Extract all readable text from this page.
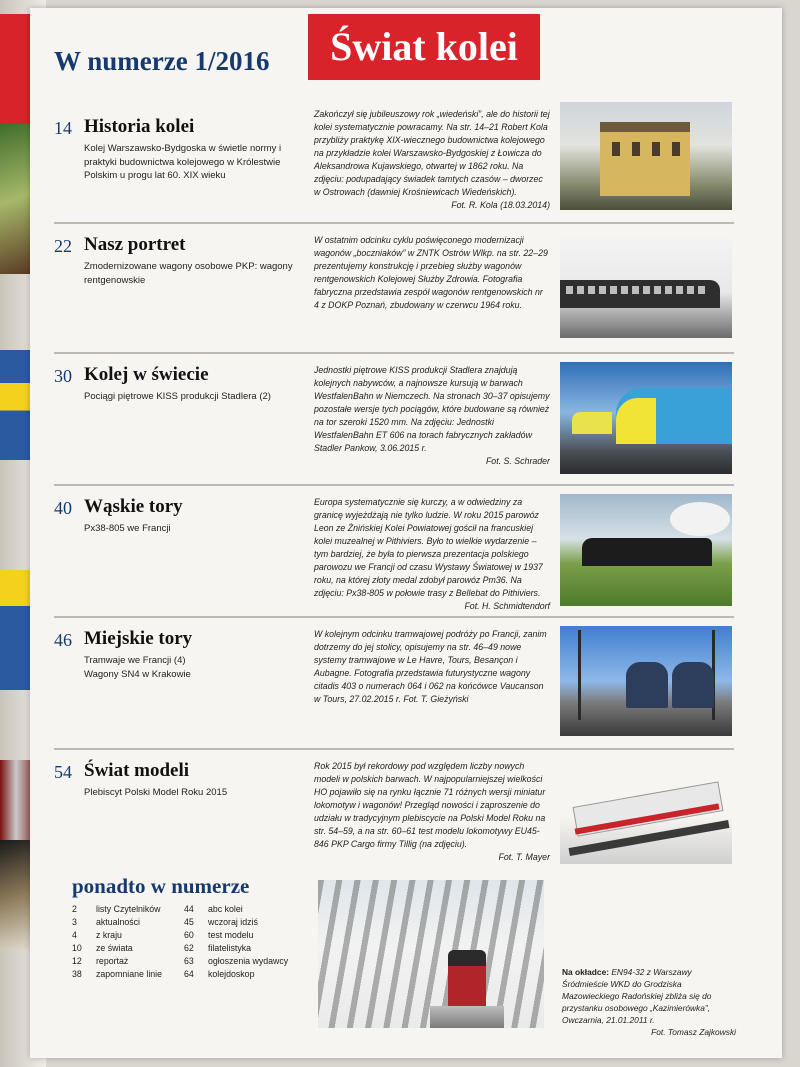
Świat kolei
W numerze 1/2016
14 Historia kolei
Kolej Warszawsko-Bydgoska w świetle normy i praktyki budownictwa kolejowego w Królestwie Polskim u progu lat 60. XIX wieku
Zakończył się jubileuszowy rok „wiedeński”, ale do historii tej kolei systematycznie powracamy. Na str. 14–21 Robert Kola przybliży praktykę XIX-wiecznego budownictwa kolejowego na przykładzie kolei Warszawsko-Bydgoskiej z Łowicza do Aleksandrowa Kujawskiego, otwartej w 1862 roku. Na zdjęciu: podupadający świadek tamtych czasów – dworzec w Ostrowach (dawniej Krośniewicach Wiedeńskich).
Fot. R. Kola (18.03.2014)
22 Nasz portret
Zmodernizowane wagony osobowe PKP: wagony rentgenowskie
W ostatnim odcinku cyklu poświęconego modernizacji wagonów „boczniaków” w ZNTK Ostrów Wlkp. na str. 22–29 prezentujemy konstrukcję i przebieg służby wagonów rentgenowskich Kolejowej Służby Zdrowia. Fotografia fabryczna przedstawia zespół wagonów rentgenowskich nr 4 z DOKP Poznań, zbudowany w czerwcu 1964 roku.
30 Kolej w świecie
Pociągi piętrowe KISS produkcji Stadlera (2)
Jednostki piętrowe KISS produkcji Stadlera znajdują kolejnych nabywców, a najnowsze kursują w barwach WestfalenBahn w Niemczech. Na stronach 30–37 opisujemy pozostałe wersje tych pociągów, które budowane są również na tor szeroki 1520 mm. Na zdjęciu: Jednostki WestfalenBahn ET 606 na torach fabrycznych zakładów Stadler Pankow, 3.06.2015 r.
Fot. S. Schrader
40 Wąskie tory
Px38-805 we Francji
Europa systematycznie się kurczy, a w odwiedziny za granicę wyjeżdżają nie tylko ludzie. W roku 2015 parowóz Leon ze Żnińskiej Kolei Powiatowej gościł na francuskiej kolei muzealnej w Pithiviers. Było to wielkie wydarzenie – tym bardziej, że była to pierwsza prezentacja polskiego parowozu we Francji od czasu Wystawy Światowej w 1937 roku, na której złoty medal zdobył parowóz Pm36. Na zdjęciu: Px38-805 w połowie trasy z Bellebat do Pithiviers.
Fot. H. Schmidtendorf
46 Miejskie tory
Tramwaje we Francji (4)
Wagony SN4 w Krakowie
W kolejnym odcinku tramwajowej podróży po Francji, zanim dotrzemy do jej stolicy, opisujemy na str. 46–49 nowe systemy tramwajowe w Le Havre, Tours, Besançon i Aubagne. Fotografia przedstawia futurystyczne wagony citadis 403 o numerach 064 i 062 na końcówce Vaucanson w Tours, 27.02.2015 r. Fot. T. Gieżyński
54 Świat modeli
Plebiscyt Polski Model Roku 2015
Rok 2015 był rekordowy pod względem liczby nowych modeli w polskich barwach. W najpopularniejszej wielkości HO pojawiło się na rynku łącznie 71 różnych wersji miniatur lokomotyw i wagonów! Przegląd nowości i zaproszenie do udziału w tradycyjnym plebiscycie na Polski Model Roku na str. 54–59, a na str. 60–61 test modelu lokomotywy EU45-846 PKP Cargo firmy Tillig (na zdjęciu).
Fot. T. Mayer
ponadto w numerze
2 listy Czytelników
3 aktualności
4 z kraju
10 ze świata
12 reportaż
38 zapomniane linie
44 abc kolei
45 wczoraj idziś
60 test modelu
62 filatelistyka
63 ogłoszenia wydawcy
64 kolejdoskop	Na okładce: EN94-32 z Warszawy Śródmieście WKD do Grodziska Mazowieckiego Radońskiej zbliża się do przystanku osobowego „Kazimierówka”, Owczarnia, 21.01.2011 r.
Fot. Tomasz Zajkowski
